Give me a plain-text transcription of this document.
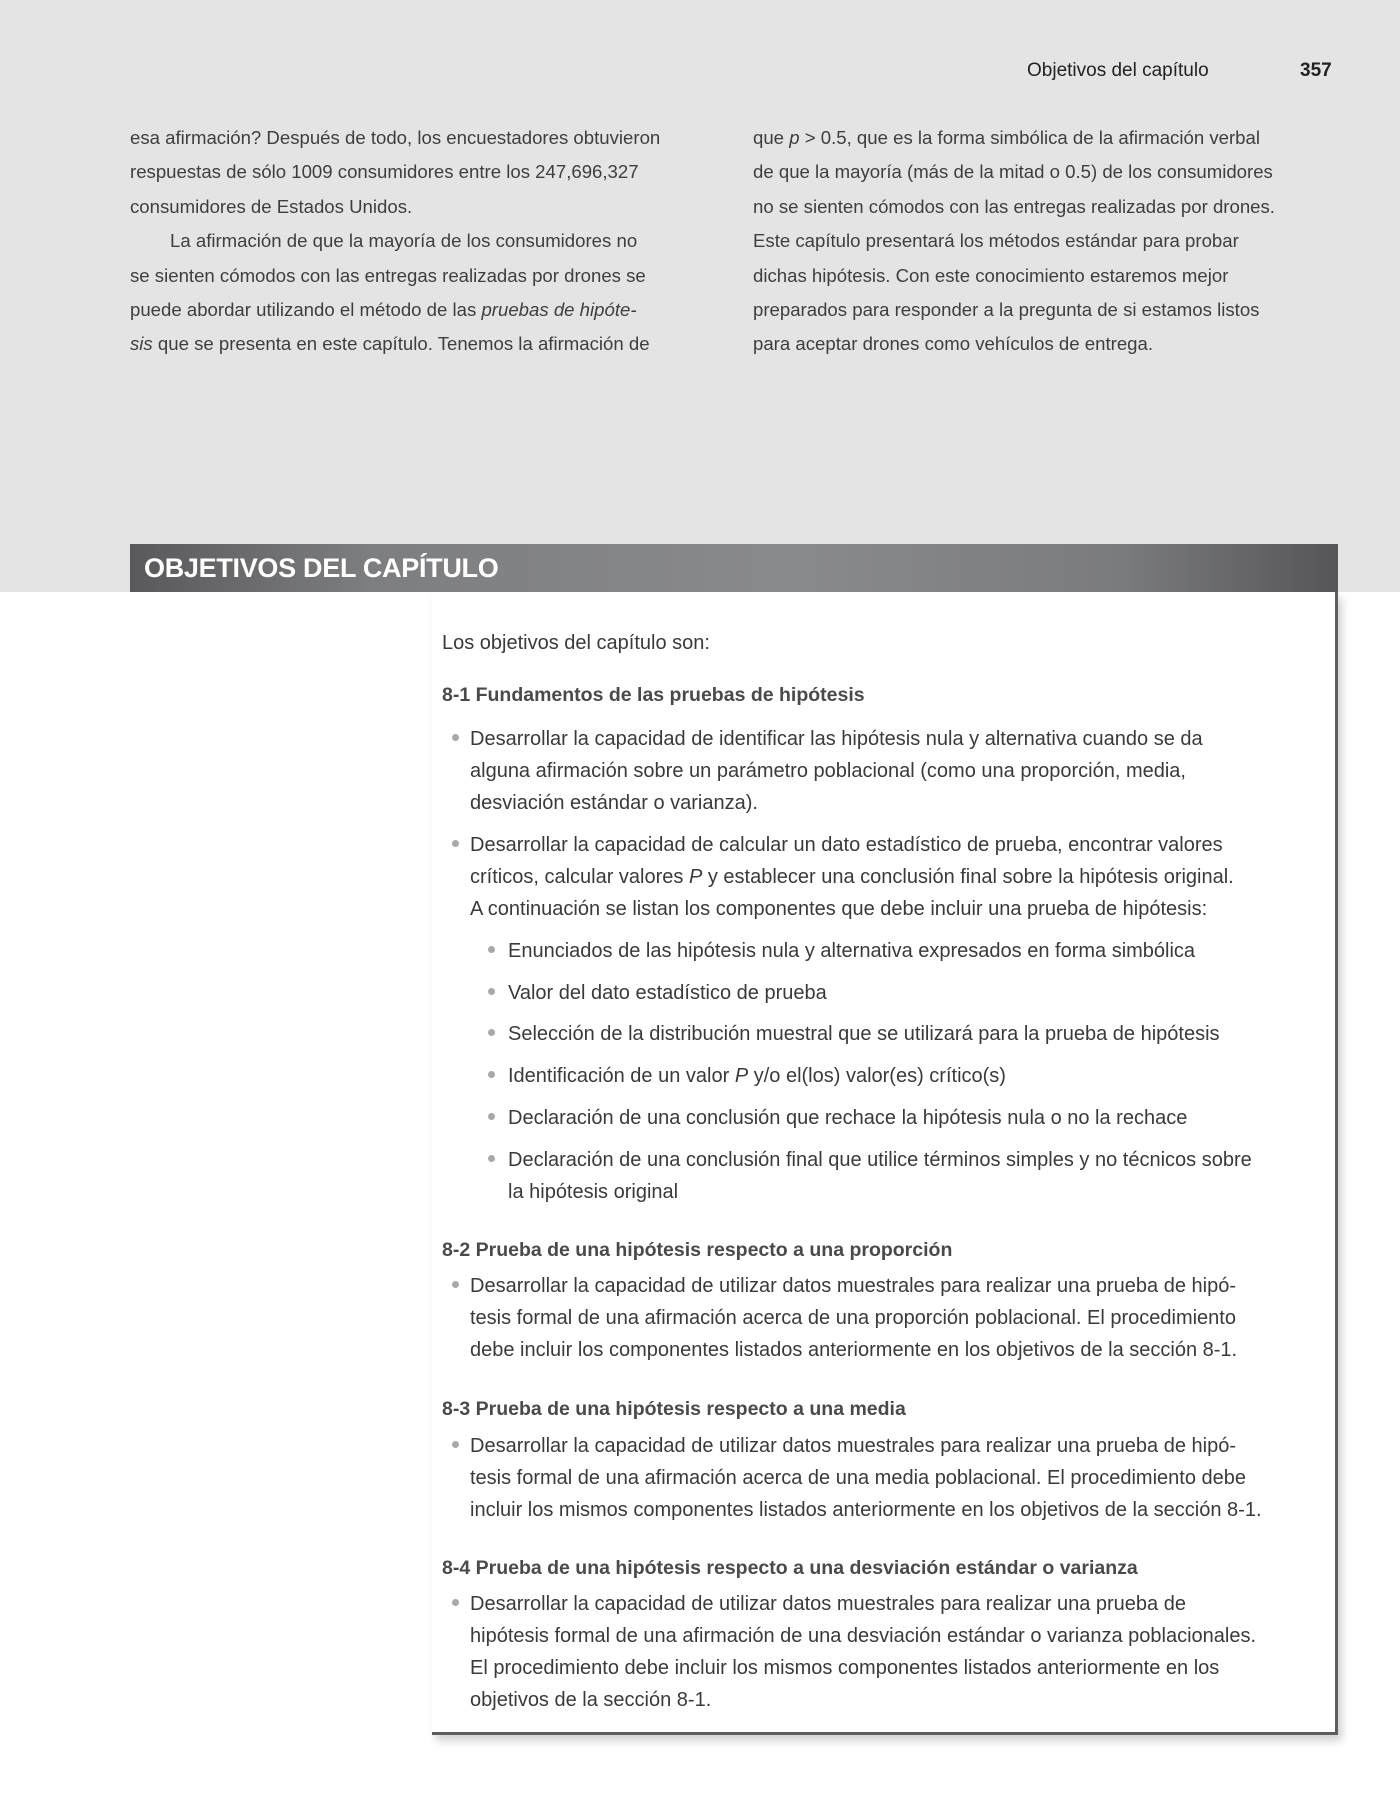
Objetivos del capítulo	357
esa afirmación? Después de todo, los encuestadores obtuvieron
respuestas de sólo 1009 consumidores entre los 247,696,327
consumidores de Estados Unidos.
La afirmación de que la mayoría de los consumidores no
se sienten cómodos con las entregas realizadas por drones se
puede abordar utilizando el método de las pruebas de hipóte-
sis que se presenta en este capítulo. Tenemos la afirmación de
que p > 0.5, que es la forma simbólica de la afirmación verbal
de que la mayoría (más de la mitad o 0.5) de los consumidores
no se sienten cómodos con las entregas realizadas por drones.
Este capítulo presentará los métodos estándar para probar
dichas hipótesis. Con este conocimiento estaremos mejor
preparados para responder a la pregunta de si estamos listos
para aceptar drones como vehículos de entrega.
OBJETIVOS DEL CAPÍTULO
Los objetivos del capítulo son:
8-1 Fundamentos de las pruebas de hipótesis
8-2 Prueba de una hipótesis respecto a una proporción
8-3 Prueba de una hipótesis respecto a una media
8-4 Prueba de una hipótesis respecto a una desviación estándar o varianza
Desarrollar la capacidad de identificar las hipótesis nula y alternativa cuando se da
alguna afirmación sobre un parámetro poblacional (como una proporción, media,
desviación estándar o varianza).
Desarrollar la capacidad de calcular un dato estadístico de prueba, encontrar valores
críticos, calcular valores P y establecer una conclusión final sobre la hipótesis original.
A continuación se listan los componentes que debe incluir una prueba de hipótesis:
Enunciados de las hipótesis nula y alternativa expresados en forma simbólica
Valor del dato estadístico de prueba
Selección de la distribución muestral que se utilizará para la prueba de hipótesis
Identificación de un valor P y/o el(los) valor(es) crítico(s)
Declaración de una conclusión que rechace la hipótesis nula o no la rechace
Declaración de una conclusión final que utilice términos simples y no técnicos sobre
la hipótesis original
Desarrollar la capacidad de utilizar datos muestrales para realizar una prueba de hipó-
tesis formal de una afirmación acerca de una proporción poblacional. El procedimiento
debe incluir los componentes listados anteriormente en los objetivos de la sección 8-1.
Desarrollar la capacidad de utilizar datos muestrales para realizar una prueba de hipó-
tesis formal de una afirmación acerca de una media poblacional. El procedimiento debe
incluir los mismos componentes listados anteriormente en los objetivos de la sección 8-1.
Desarrollar la capacidad de utilizar datos muestrales para realizar una prueba de
hipótesis formal de una afirmación de una desviación estándar o varianza poblacionales.
El procedimiento debe incluir los mismos componentes listados anteriormente en los
objetivos de la sección 8-1.
